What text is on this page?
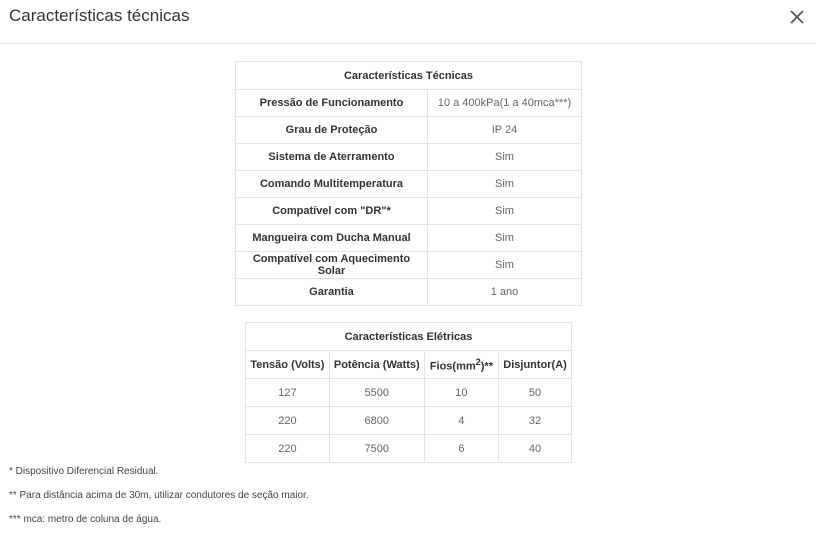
Características técnicas
Características Técnicas	
Pressão de Funcionamento	10 a 400kPa(1 a 40mca***)
Grau de Proteção	IP 24
Sistema de Aterramento	Sim
Comando Multitemperatura	Sim
Compatível com "DR"*	Sim
Mangueira com Ducha Manual	Sim
Compatível com Aquecimento Solar	Sim
Garantia	1 ano
Características Elétricas			
Tensão (Volts)	Potência (Watts)	$Fios(mm^2)**$	Disjuntor(A)
127	5500	10	50
220	6800	4	32
220	7500	6	40

* Dispositivo Diferencial Residual.

** Para distância acima de 30m, utilizar condutores de seção maior.

*** mca: metro de coluna de água.
